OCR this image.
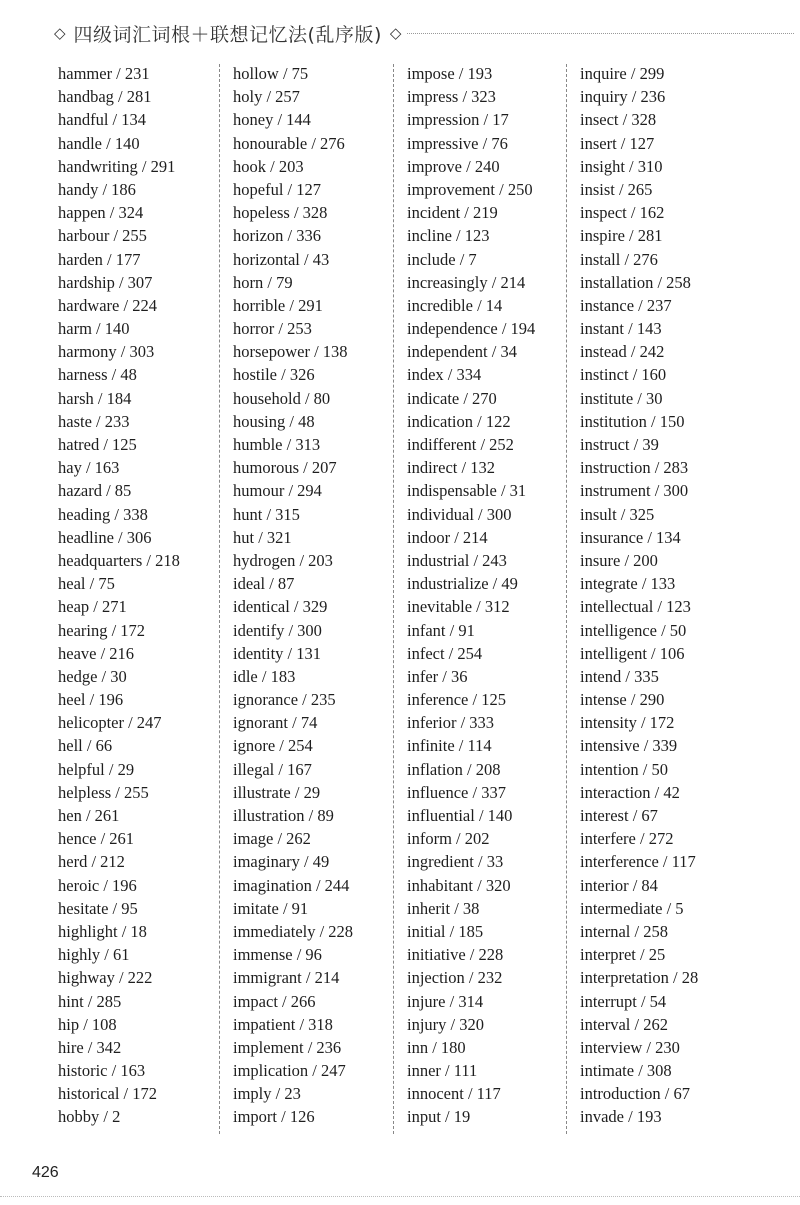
◇ 四级词汇词根＋联想记忆法(乱序版) ◇
hammer / 231
handbag / 281
handful / 134
handle / 140
handwriting / 291
handy / 186
happen / 324
harbour / 255
harden / 177
hardship / 307
hardware / 224
harm / 140
harmony / 303
harness / 48
harsh / 184
haste / 233
hatred / 125
hay / 163
hazard / 85
heading / 338
headline / 306
headquarters / 218
heal / 75
heap / 271
hearing / 172
heave / 216
hedge / 30
heel / 196
helicopter / 247
hell / 66
helpful / 29
helpless / 255
hen / 261
hence / 261
herd / 212
heroic / 196
hesitate / 95
highlight / 18
highly / 61
highway / 222
hint / 285
hip / 108
hire / 342
historic / 163
historical / 172
hobby / 2
hollow / 75
holy / 257
honey / 144
honourable / 276
hook / 203
hopeful / 127
hopeless / 328
horizon / 336
horizontal / 43
horn / 79
horrible / 291
horror / 253
horsepower / 138
hostile / 326
household / 80
housing / 48
humble / 313
humorous / 207
humour / 294
hunt / 315
hut / 321
hydrogen / 203
ideal / 87
identical / 329
identify / 300
identity / 131
idle / 183
ignorance / 235
ignorant / 74
ignore / 254
illegal / 167
illustrate / 29
illustration / 89
image / 262
imaginary / 49
imagination / 244
imitate / 91
immediately / 228
immense / 96
immigrant / 214
impact / 266
impatient / 318
implement / 236
implication / 247
imply / 23
import / 126
impose / 193
impress / 323
impression / 17
impressive / 76
improve / 240
improvement / 250
incident / 219
incline / 123
include / 7
increasingly / 214
incredible / 14
independence / 194
independent / 34
index / 334
indicate / 270
indication / 122
indifferent / 252
indirect / 132
indispensable / 31
individual / 300
indoor / 214
industrial / 243
industrialize / 49
inevitable / 312
infant / 91
infect / 254
infer / 36
inference / 125
inferior / 333
infinite / 114
inflation / 208
influence / 337
influential / 140
inform / 202
ingredient / 33
inhabitant / 320
inherit / 38
initial / 185
initiative / 228
injection / 232
injure / 314
injury / 320
inn / 180
inner / 111
innocent / 117
input / 19
inquire / 299
inquiry / 236
insect / 328
insert / 127
insight / 310
insist / 265
inspect / 162
inspire / 281
install / 276
installation / 258
instance / 237
instant / 143
instead / 242
instinct / 160
institute / 30
institution / 150
instruct / 39
instruction / 283
instrument / 300
insult / 325
insurance / 134
insure / 200
integrate / 133
intellectual / 123
intelligence / 50
intelligent / 106
intend / 335
intense / 290
intensity / 172
intensive / 339
intention / 50
interaction / 42
interest / 67
interfere / 272
interference / 117
interior / 84
intermediate / 5
internal / 258
interpret / 25
interpretation / 28
interrupt / 54
interval / 262
interview / 230
intimate / 308
introduction / 67
invade / 193
426
